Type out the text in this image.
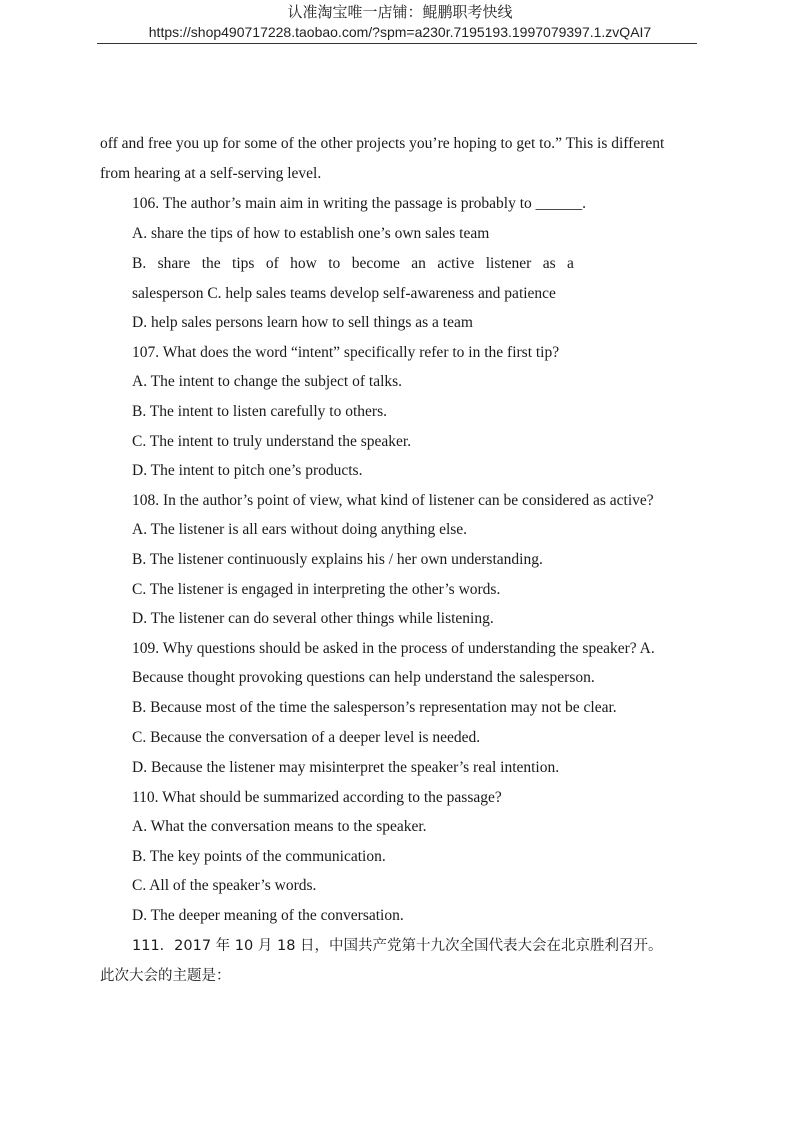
认准淘宝唯一店铺：鲲鹏职考快线
https://shop490717228.taobao.com/?spm=a230r.7195193.1997079397.1.zvQAI7
off and free you up for some of the other projects you’re hoping to get to.” This is different
from hearing at a self-serving level.
106. The author’s main aim in writing the passage is probably to ______.
A. share the tips of how to establish one’s own sales team
B. share the tips of how to become an active listener as a
salesperson C. help sales teams develop self-awareness and patience
D. help sales persons learn how to sell things as a team
107. What does the word “intent” specifically refer to in the first tip?
A. The intent to change the subject of talks.
B. The intent to listen carefully to others.
C. The intent to truly understand the speaker.
D. The intent to pitch one’s products.
108. In the author’s point of view, what kind of listener can be considered as active?
A. The listener is all ears without doing anything else.
B. The listener continuously explains his / her own understanding.
C. The listener is engaged in interpreting the other’s words.
D. The listener can do several other things while listening.
109. Why questions should be asked in the process of understanding the speaker? A.
Because thought provoking questions can help understand the salesperson.
B. Because most of the time the salesperson’s representation may not be clear.
C. Because the conversation of a deeper level is needed.
D. Because the listener may misinterpret the speaker’s real intention.
110. What should be summarized according to the passage?
A. What the conversation means to the speaker.
B. The key points of the communication.
C. All of the speaker’s words.
D. The deeper meaning of the conversation.
111．2017 年 10 月 18 日，中国共产党第十九次全国代表大会在北京胜利召开。
此次大会的主题是：
